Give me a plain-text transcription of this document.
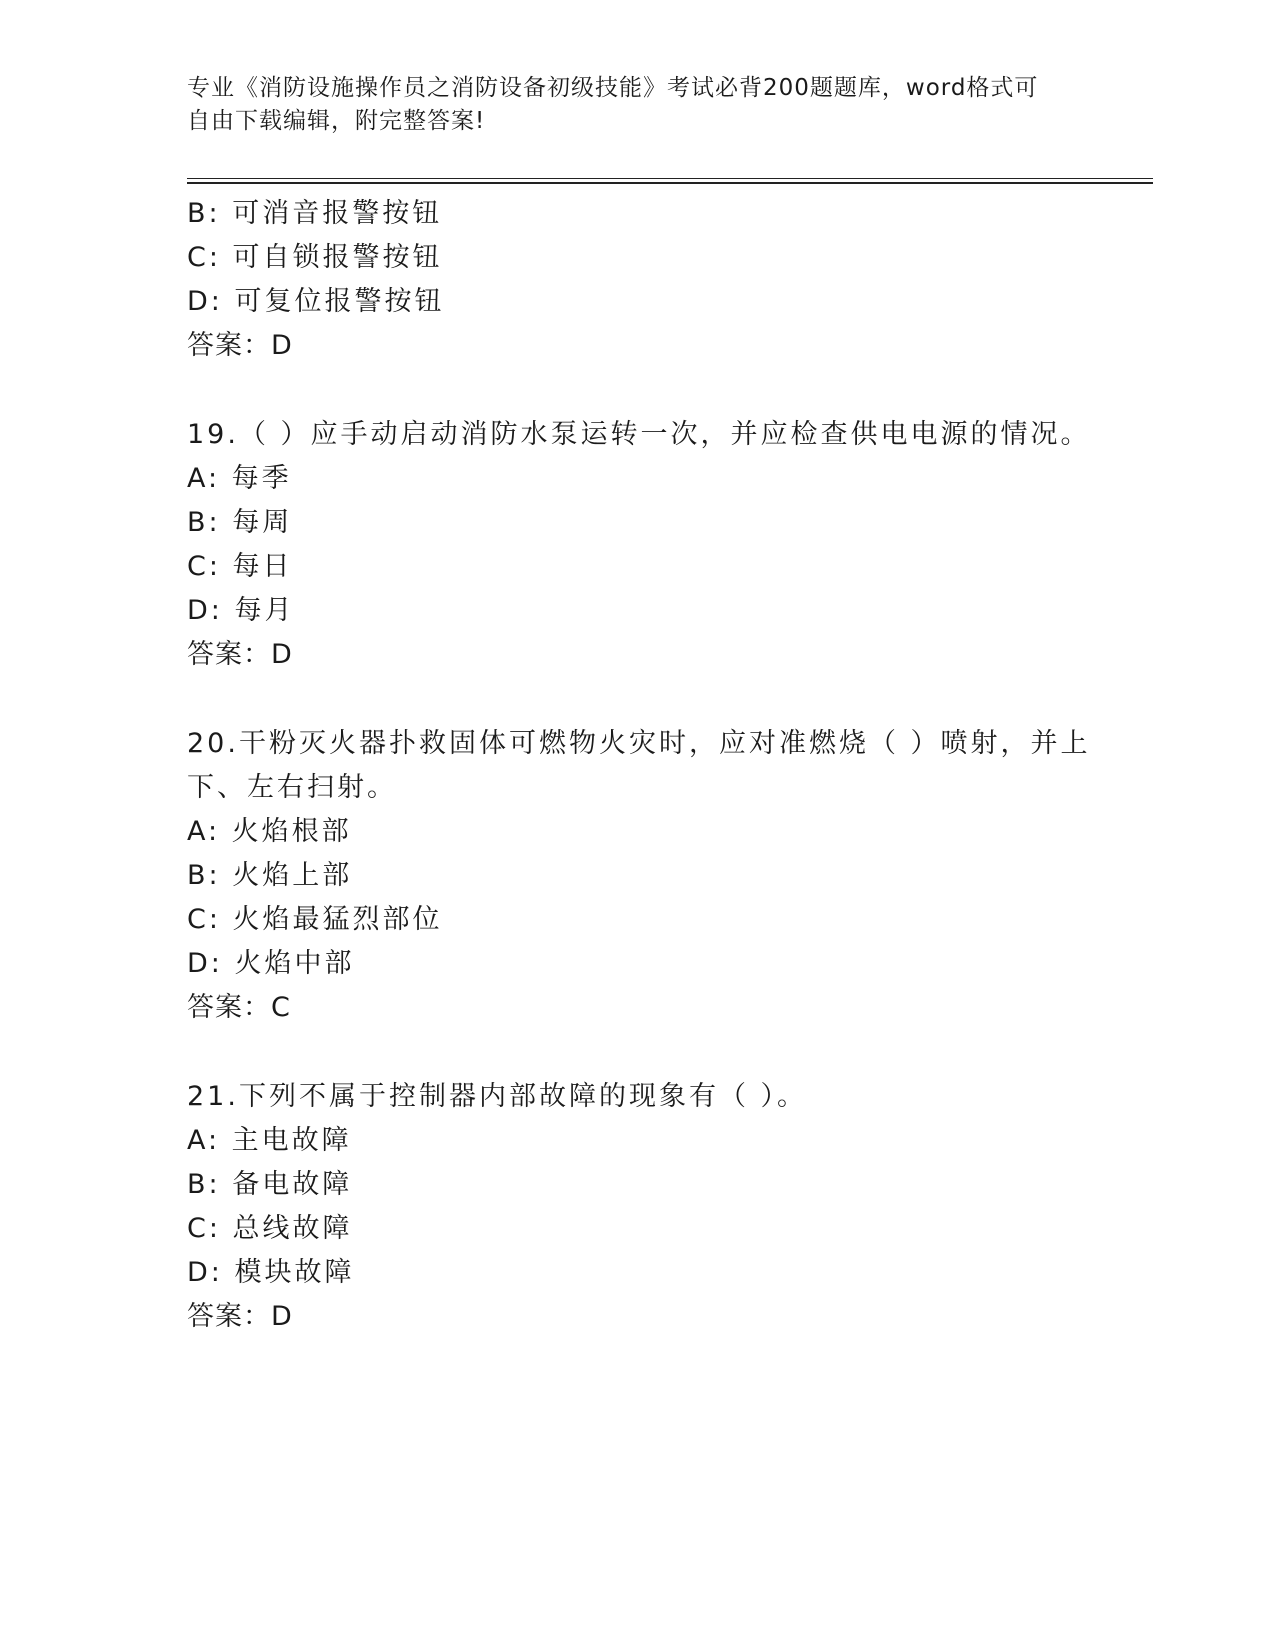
专业《消防设施操作员之消防设备初级技能》考试必背200题题库，word格式可
自由下载编辑，附完整答案!
B: 可消音报警按钮
C: 可自锁报警按钮
D: 可复位报警按钮
答案：D
19.（ ）应手动启动消防水泵运转一次，并应检查供电电源的情况。
A: 每季
B: 每周
C: 每日
D: 每月
答案：D
20.干粉灭火器扑救固体可燃物火灾时，应对准燃烧（ ）喷射，并上
下、左右扫射。
A: 火焰根部
B: 火焰上部
C: 火焰最猛烈部位
D: 火焰中部
答案：C
21.下列不属于控制器内部故障的现象有（ ）。
A: 主电故障
B: 备电故障
C: 总线故障
D: 模块故障
答案：D
